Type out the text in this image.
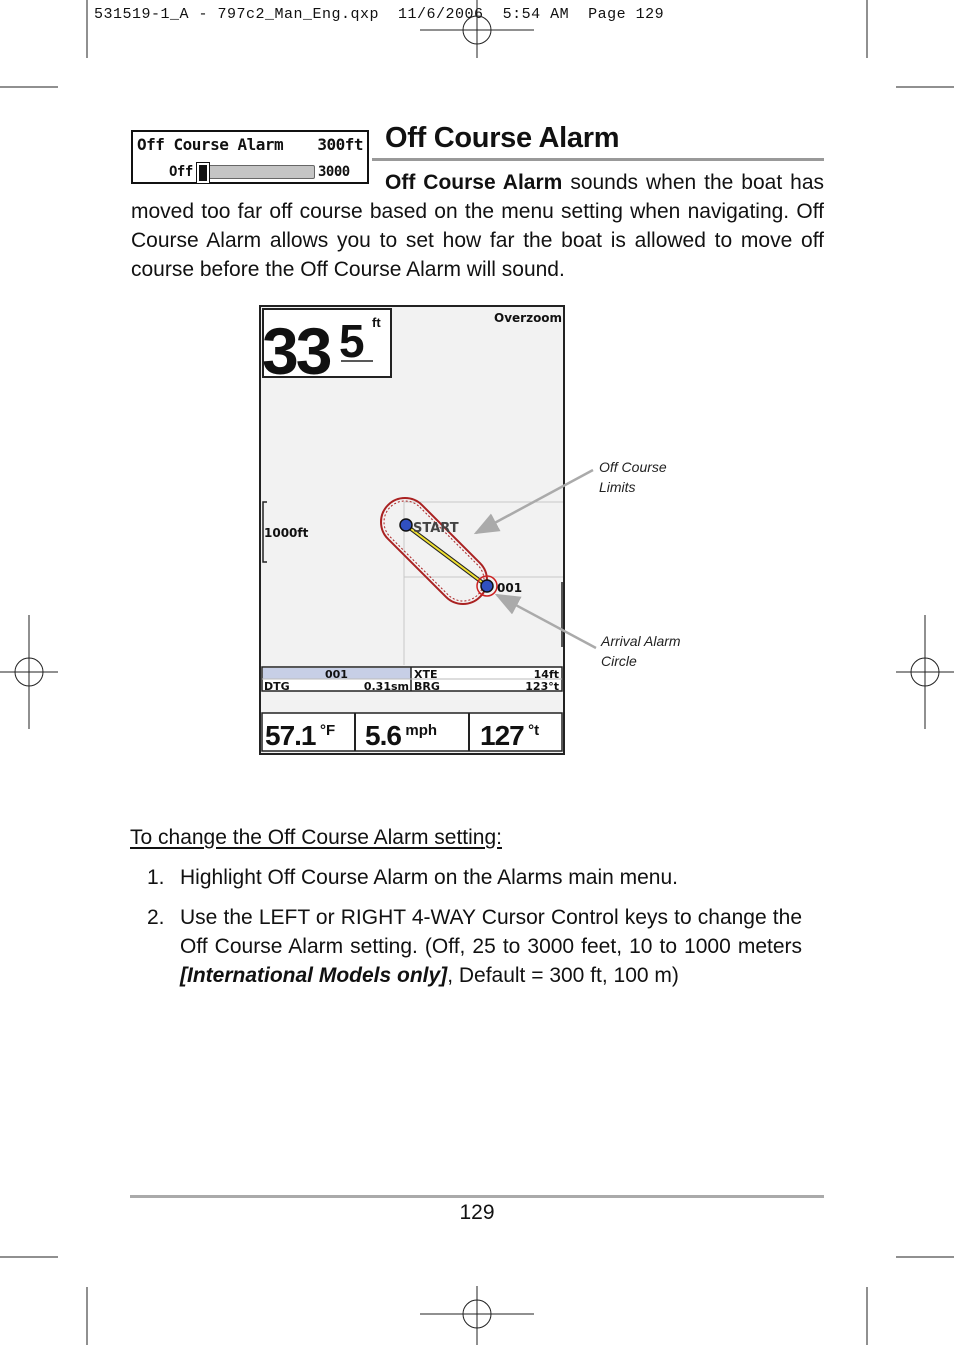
531519-1_A - 797c2_Man_Eng.qxp  11/6/2006  5:54 AM  Page 129
Off Course Alarm 300ft
Off	3000
Off Course Alarm
Off Course Alarm sounds when the boat has
moved too far off course based on the menu setting when navigating. Off Course Alarm allows you to set how far the boat is allowed to move off course before the Off Course Alarm will sound.
33 5 ft	Overzoom
1000ft	START
001
001	XTE	14ft
DTG	0.31sm BRG	123°t
57.1 °F 5.6 mph 127 °t
Off Course
Limits
Arrival Alarm
Circle
To change the Off Course Alarm setting:
1. Highlight Off Course Alarm on the Alarms main menu.
2. Use the LEFT or RIGHT 4-WAY Cursor Control keys to change the Off Course Alarm setting. (Off, 25 to 3000 feet, 10 to 1000 meters [International Models only], Default = 300 ft, 100 m)
129
